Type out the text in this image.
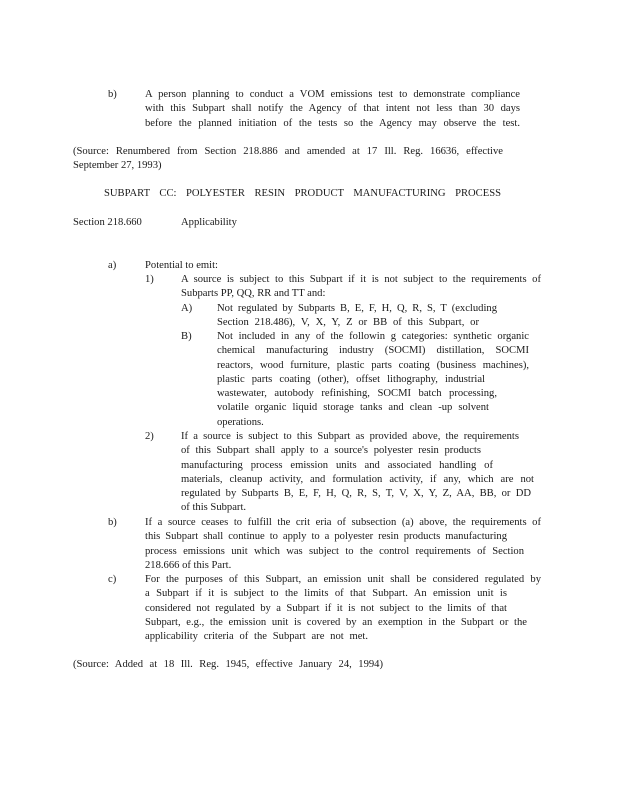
b)	A person planning to conduct a VOM emissions test to demonstrate compliance
with this Subpart shall notify the Agency of that intent not less than 30 days
before the planned initiation of the tests so the Agency may observe the test.
(Source: Renumbered from Section 218.886 and amended at 17 Ill. Reg. 16636, effective
September 27, 1993)
SUBPART CC: POLYESTER RESIN PRODUCT MANUFACTURING PROCESS
Section 218.660	Applicability
a)	Potential to emit:
1)	A source is subject to this Subpart if it is not subject to the requirements of
Subparts PP, QQ, RR and TT and:
A) Not regulated by Subparts B, E, F, H, Q, R, S, T (excluding
Section 218.486), V, X, Y, Z or BB of this Subpart, or
B) Not included in any of the followin g categories: synthetic organic
chemical manufacturing industry (SOCMI) distillation, SOCMI
reactors, wood furniture, plastic parts coating (business machines),
plastic parts coating (other), offset lithography, industrial
wastewater, autobody refinishing, SOCMI batch processing,
volatile organic liquid storage tanks and clean -up solvent
operations.
2)	If a source is subject to this Subpart as provided above, the requirements
of this Subpart shall apply to a source's polyester resin products
manufacturing process emission units and associated handling of
materials, cleanup activity, and formulation activity, if any, which are not
regulated by Subparts B, E, F, H, Q, R, S, T, V, X, Y, Z, AA, BB, or DD
of this Subpart.
b)	If a source ceases to fulfill the crit eria of subsection (a) above, the requirements of
this Subpart shall continue to apply to a polyester resin products manufacturing
process emissions unit which was subject to the control requirements of Section
218.666 of this Part.
c)	For the purposes of this Subpart, an emission unit shall be considered regulated by
a Subpart if it is subject to the limits of that Subpart. An emission unit is
considered not regulated by a Subpart if it is not subject to the limits of that
Subpart, e.g., the emission unit is covered by an exemption in the Subpart or the
applicability criteria of the Subpart are not met.
(Source: Added at 18 Ill. Reg. 1945, effective January 24, 1994)
